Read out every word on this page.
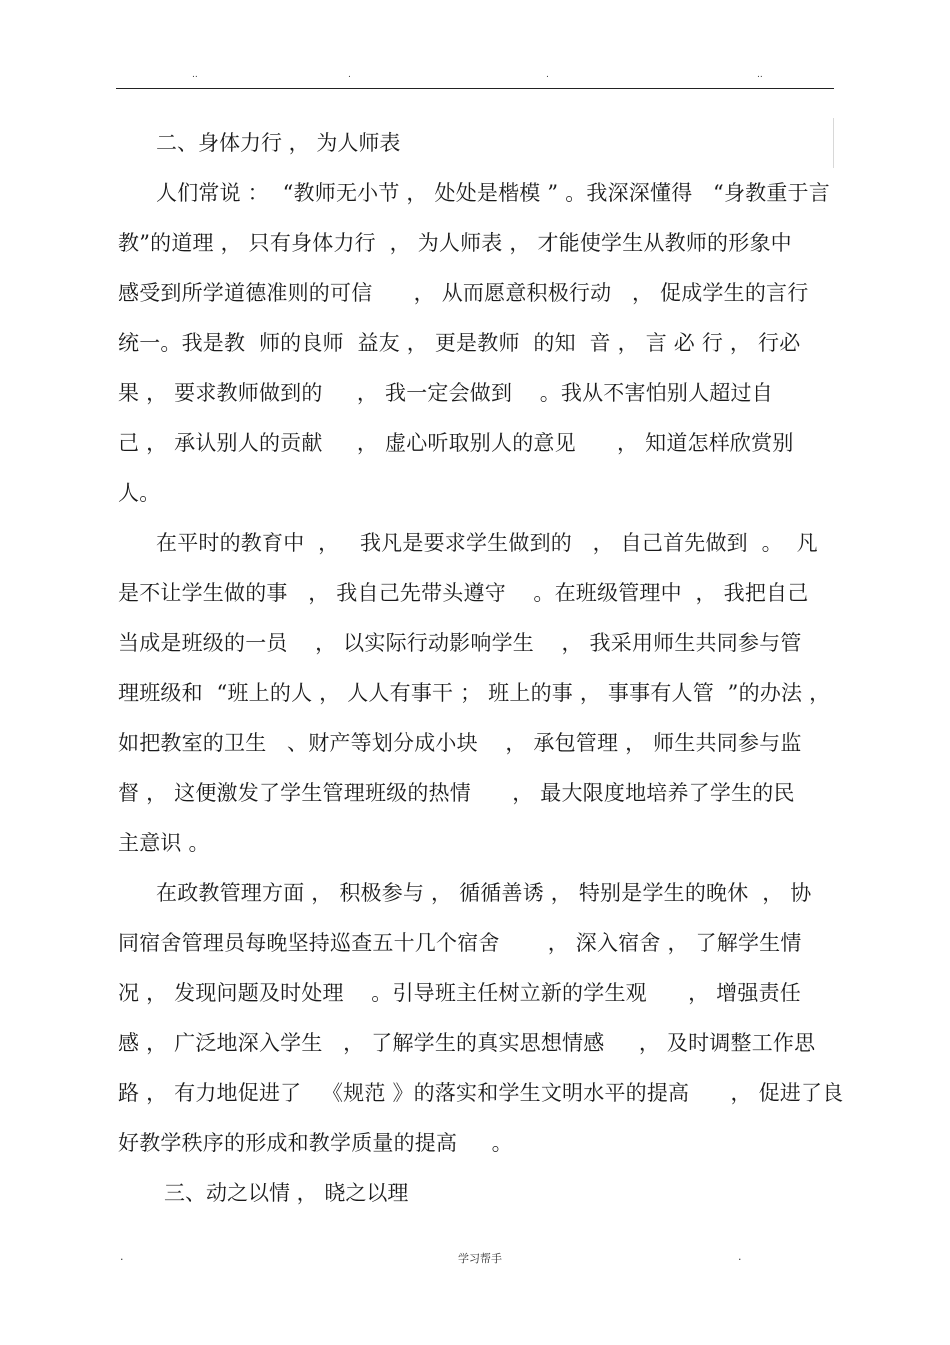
..	.	.	..

二、身体力行 ， 为人师表

人们常说 ：  “教师无小节 ， 处处是楷模 ” 。我深深懂得   “身教重于言

教”的道理 ， 只有身体力行  ， 为人师表 ， 才能使学生从教师的形象中

感受到所学道德准则的可信      ， 从而愿意积极行动   ， 促成学生的言行

统一。我是教  师的良师  益友 ， 更是教师  的知  音 ， 言 必 行 ， 行必

果 ， 要求教师做到的     ， 我一定会做到    。我从不害怕别人超过自

己 ， 承认别人的贡献     ， 虚心听取别人的意见      ， 知道怎样欣赏别

人。

在平时的教育中  ，   我凡是要求学生做到的   ， 自己首先做到  。  凡

是不让学生做的事   ， 我自己先带头遵守    。在班级管理中  ， 我把自己

当成是班级的一员    ， 以实际行动影响学生    ， 我采用师生共同参与管

理班级和  “班上的人 ， 人人有事干 ； 班上的事 ， 事事有人管  ”的办法 ，

如把教室的卫生   、财产等划分成小块    ， 承包管理 ， 师生共同参与监

督 ， 这便激发了学生管理班级的热情      ， 最大限度地培养了学生的民

主意识 。

在政教管理方面 ， 积极参与 ， 循循善诱 ， 特别是学生的晚休  ， 协

同宿舍管理员每晚坚持巡查五十几个宿舍       ， 深入宿舍 ， 了解学生情

况 ， 发现问题及时处理    。引导班主任树立新的学生观      ， 增强责任

感 ， 广泛地深入学生   ， 了解学生的真实思想情感     ， 及时调整工作思

路 ， 有力地促进了   《规范 》的落实和学生文明水平的提高      ， 促进了良

好教学秩序的形成和教学质量的提高     。

三、动之以情 ， 晓之以理

.	学习帮手	.
